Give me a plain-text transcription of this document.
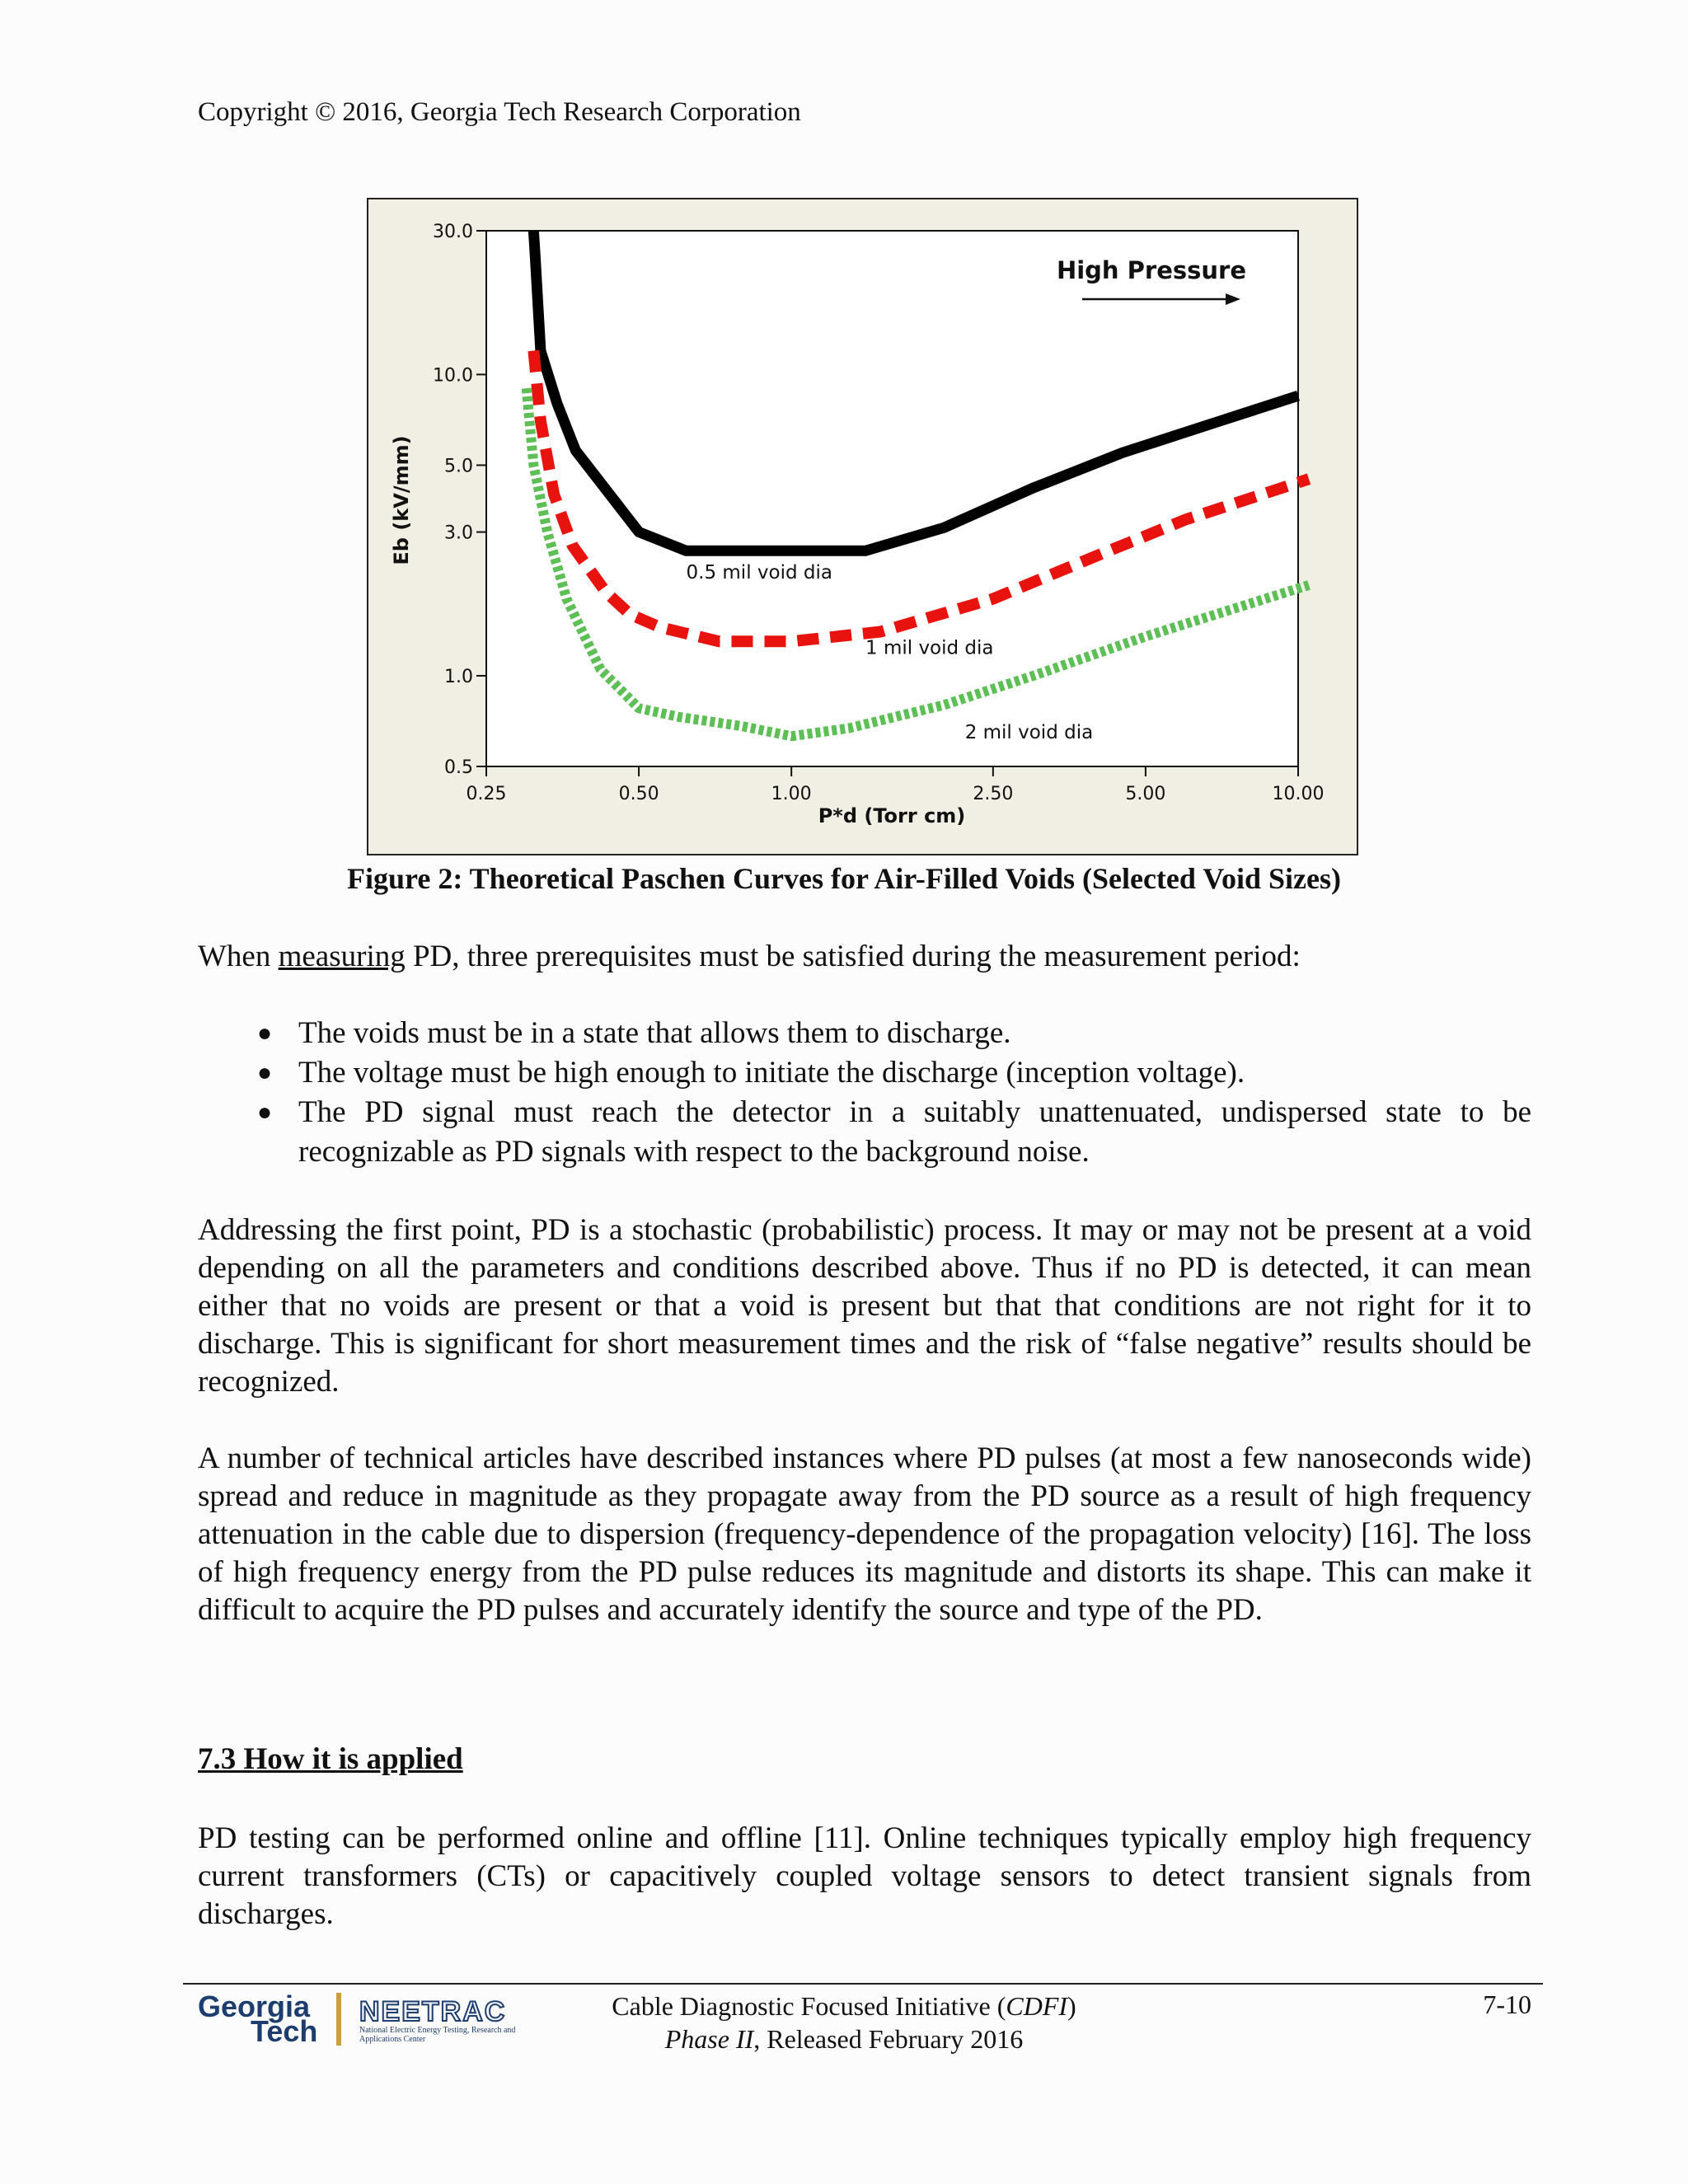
Copyright © 2016, Georgia Tech Research Corporation
30.0
10.0
5.0
3.0
1.0
0.5
0.25	0.50	1.00	2.50	5.00	10.00
0.5 mil void dia
1 mil void dia
2 mil void dia
P*d (Torr cm)
Eb (kV/mm)
High Pressure
Figure 2: Theoretical Paschen Curves for Air-Filled Voids (Selected Void Sizes)

When measuring PD, three prerequisites must be satisfied during the measurement period:

● The voids must be in a state that allows them to discharge.
● The voltage must be high enough to initiate the discharge (inception voltage).
● The PD signal must reach the detector in a suitably unattenuated, undispersed state to be recognizable as PD signals with respect to the background noise.

Addressing the first point, PD is a stochastic (probabilistic) process. It may or may not be present at a void depending on all the parameters and conditions described above. Thus if no PD is detected, it can mean either that no voids are present or that a void is present but that that conditions are not right for it to discharge. This is significant for short measurement times and the risk of “false negative” results should be recognized.

A number of technical articles have described instances where PD pulses (at most a few nanoseconds wide) spread and reduce in magnitude as they propagate away from the PD source as a result of high frequency attenuation in the cable due to dispersion (frequency-dependence of the propagation velocity) [16]. The loss of high frequency energy from the PD pulse reduces its magnitude and distorts its shape. This can make it difficult to acquire the PD pulses and accurately identify the source and type of the PD.

7.3 How it is applied

PD testing can be performed online and offline [11]. Online techniques typically employ high frequency current transformers (CTs) or capacitively coupled voltage sensors to detect transient signals from discharges.

Georgia
Tech
NEETRAC
National Electric Energy Testing, Research and Applications Center
Cable Diagnostic Focused Initiative (CDFI)
Phase II, Released February 2016
7-10
